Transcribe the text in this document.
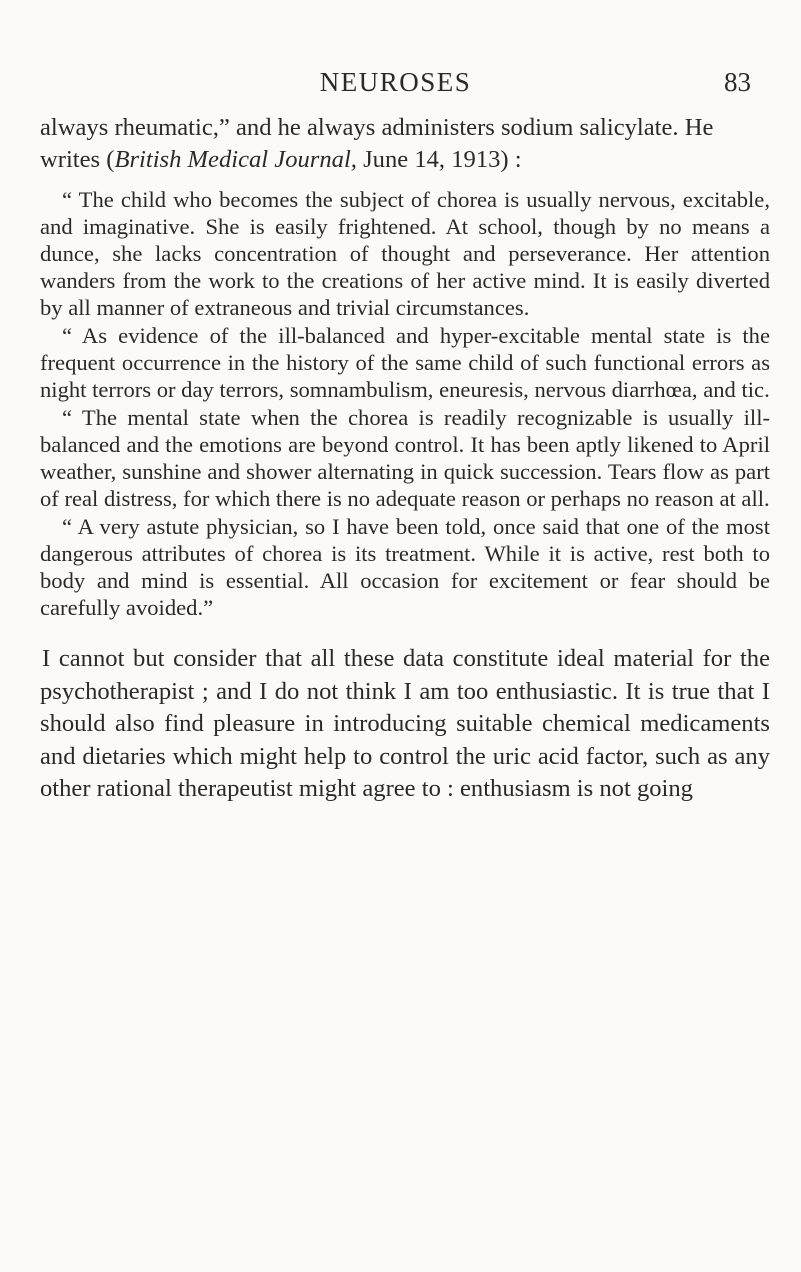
NEUROSES	83

always rheumatic,” and he always administers sodium salicylate. He writes (British Medical Journal, June 14, 1913) :

“ The child who becomes the subject of chorea is usually nervous, excitable, and imaginative. She is easily frightened. At school, though by no means a dunce, she lacks concentration of thought and perseverance. Her attention wanders from the work to the creations of her active mind. It is easily diverted by all manner of extraneous and trivial circumstances.

“ As evidence of the ill-balanced and hyper-excitable mental state is the frequent occurrence in the history of the same child of such functional errors as night terrors or day terrors, somnambulism, eneuresis, nervous diarrhœa, and tic.

“ The mental state when the chorea is readily recognizable is usually ill-balanced and the emotions are beyond control. It has been aptly likened to April weather, sunshine and shower alternating in quick succession. Tears flow as part of real distress, for which there is no adequate reason or perhaps no reason at all.

“ A very astute physician, so I have been told, once said that one of the most dangerous attributes of chorea is its treatment. While it is active, rest both to body and mind is essential. All occasion for excitement or fear should be carefully avoided.”

I cannot but consider that all these data constitute ideal material for the psychotherapist ; and I do not think I am too enthusiastic. It is true that I should also find pleasure in introducing suitable chemical medicaments and dietaries which might help to control the uric acid factor, such as any other rational therapeutist might agree to : enthusiasm is not going
